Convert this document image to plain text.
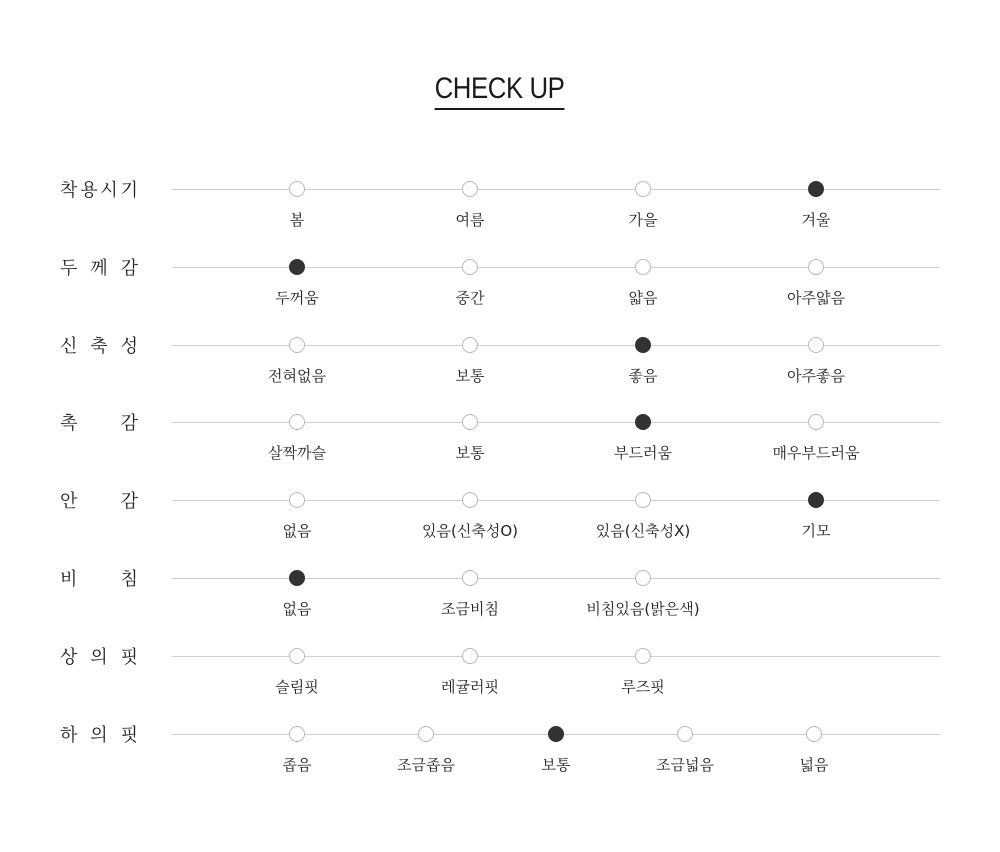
CHECK UP
착 용 시 기
봄	여름	가을	겨울
두 께 감
두꺼움	중간	얇음	아주얇음
신 축 성
전혀없음	보통	좋음	아주좋음
촉 감
살짝까슬	보통	부드러움	매우부드러움
안 감
없음	있음(신축성O)	있음(신축성X)	기모
비 침
없음	조금비침	비침있음(밝은색)
상 의 핏
슬림핏	레귤러핏	루즈핏
하 의 핏
좁음	조금좁음	보통	조금넓음	넓음
